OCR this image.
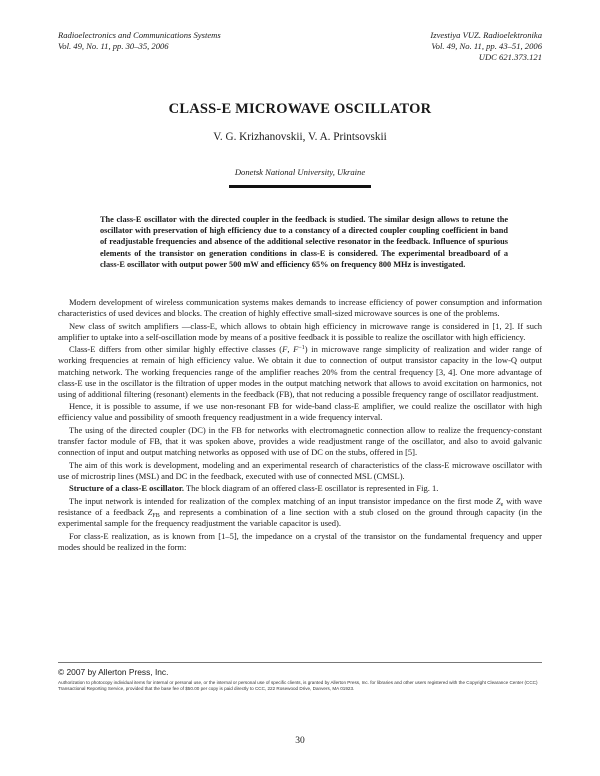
Radioelectronics and Communications Systems
Vol. 49, No. 11, pp. 30–35, 2006
Izvestiya VUZ. Radioelektronika
Vol. 49, No. 11, pp. 43–51, 2006
UDC 621.373.121
CLASS-E MICROWAVE OSCILLATOR
V. G. Krizhanovskii, V. A. Printsovskii
Donetsk National University, Ukraine
The class-E oscillator with the directed coupler in the feedback is studied. The similar design allows to retune the oscillator with preservation of high efficiency due to a constancy of a directed coupler coupling coefficient in band of readjustable frequencies and absence of the additional selective resonator in the feedback. Influence of spurious elements of the transistor on generation conditions in class-E is considered. The experimental breadboard of a class-E oscillator with output power 500 mW and efficiency 65% on frequency 800 MHz is investigated.

Modern development of wireless communication systems makes demands to increase efficiency of power consumption and information characteristics of used devices and blocks. The creation of highly effective small-sized microwave sources is one of the problems.

New class of switch amplifiers —class-E, which allows to obtain high efficiency in microwave range is considered in [1, 2]. If such amplifier to uptake into a self-oscillation mode by means of a positive feedback it is possible to realize the oscillator with high efficiency.

Class-E differs from other similar highly effective classes (F, $F^{-1}$) in microwave range simplicity of realization and wider range of working frequencies at remain of high efficiency value. We obtain it due to connection of output transistor capacity in the low-Q output matching network. The working frequencies range of the amplifier reaches 20% from the central frequency [3, 4]. One more advantage of class-E use in the oscillator is the filtration of upper modes in the output matching network that allows to avoid excitation on harmonics, not using of additional filtering (resonant) elements in the feedback (FB), that not reducing a possible frequency range of oscillator readjustment.

Hence, it is possible to assume, if we use non-resonant FB for wide-band class-E amplifier, we could realize the oscillator with high efficiency value and possibility of smooth frequency readjustment in a wide frequency interval.

The using of the directed coupler (DC) in the FB for networks with electromagnetic connection allow to realize the frequency-constant transfer factor module of FB, that it was spoken above, provides a wide readjustment range of the oscillator, and also to avoid galvanic connection of input and output matching networks as opposed with use of DC on the stubs, offered in [5].

The aim of this work is development, modeling and an experimental research of characteristics of the class-E microwave oscillator with use of microstrip lines (MSL) and DC in the feedback, executed with use of connected MSL (CMSL).

Structure of a class-E oscillator. The block diagram of an offered class-E oscillator is represented in Fig. 1.

The input network is intended for realization of the complex matching of an input transistor impedance on the first mode $Z_e$ with wave resistance of a feedback $Z_{FB}$ and represents a combination of a line section with a stub closed on the ground through capacity (in the experimental sample for the frequency readjustment the variable capacitor is used).

For class-E realization, as is known from [1–5], the impedance on a crystal of the transistor on the fundamental frequency and upper modes should be realized in the form:

© 2007 by Allerton Press, Inc.
Authorization to photocopy individual items for internal or personal use, or the internal or personal use of specific clients, is granted by Allerton Press, Inc. for libraries and other users registered with the Copyright Clearance Center (CCC) Transactional Reporting Service, provided that the base fee of $50.00 per copy is paid directly to CCC, 222 Rosewood Drive, Danvers, MA 01923.
30
